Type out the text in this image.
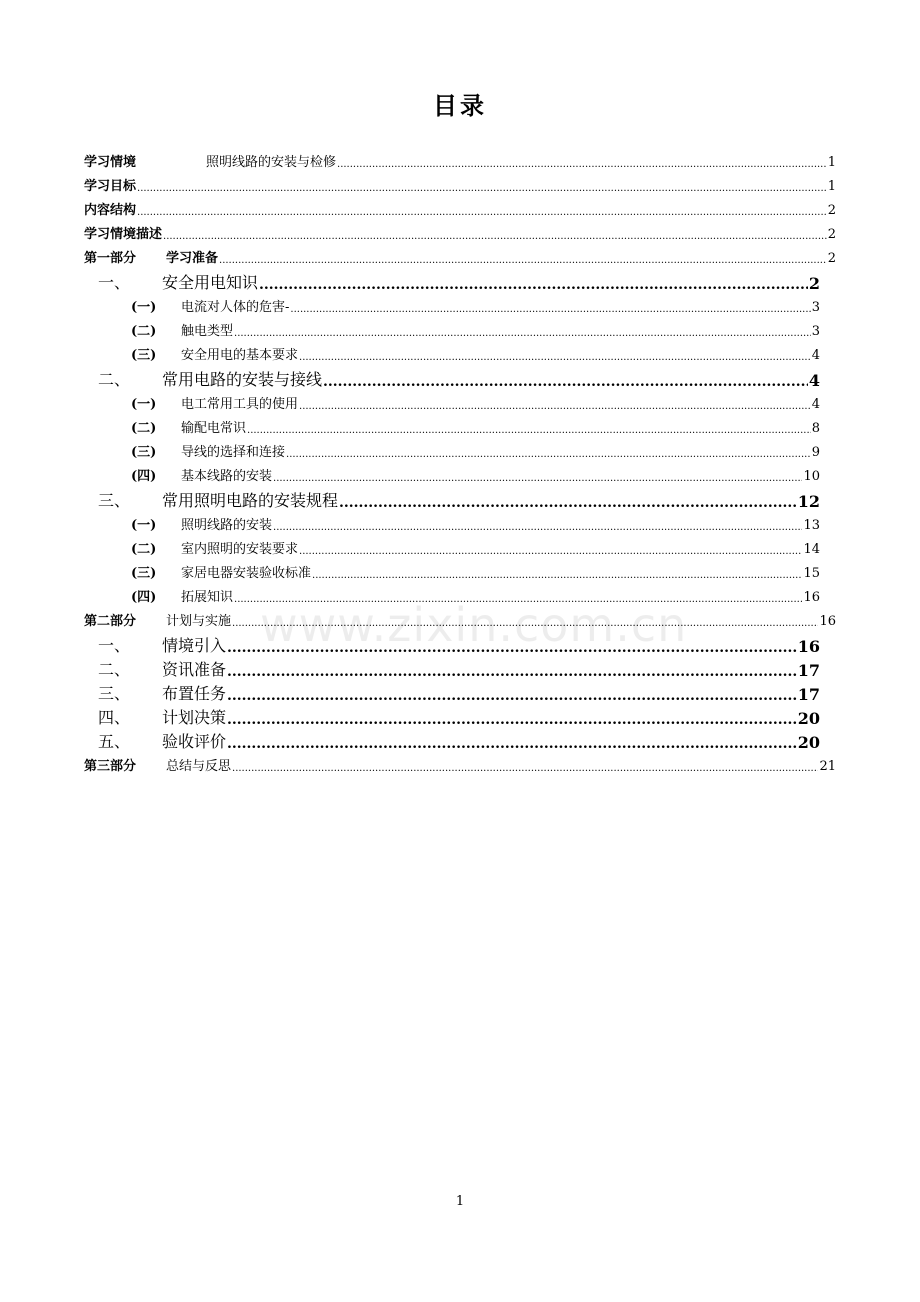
目录
www.zixin.com.cn
学习情境	照明线路的安装与检修 .....	1
学习目标 .....	1
内容结构 .....	2
学习情境描述 .....	2
第一部分	学习准备 .....	2
一、	安全用电知识 .....	2
(一)	电流对人体的危害- .....	3
(二)	触电类型 .....	3
(三)	安全用电的基本要求 .....	4
二、	常用电路的安装与接线 .....	4
(一)	电工常用工具的使用 .....	4
(二)	输配电常识 .....	8
(三)	导线的选择和连接 .....	9
(四)	基本线路的安装 .....	10
三、	常用照明电路的安装规程 .....	12
(一)	照明线路的安装 .....	13
(二)	室内照明的安装要求 .....	14
(三)	家居电器安装验收标准 .....	15
(四)	拓展知识 .....	16
第二部分	计划与实施 .....	16
一、	情境引入 .....	16
二、	资讯准备 .....	17
三、	布置任务 .....	17
四、	计划决策 .....	20
五、	验收评价 .....	20
第三部分	总结与反思 .....	21
1
